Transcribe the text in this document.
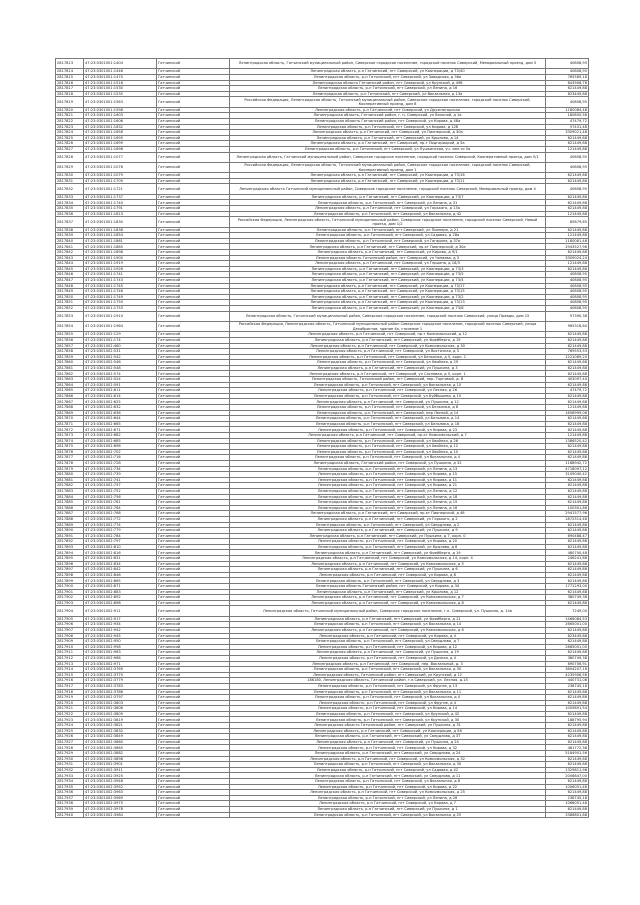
2817813	47:23:0301001:1404	Гатчинский	Ленинградская область, Гатчинский муниципальный район, Сиверское городское поселение, городской поселок Сиверский, Мемориальный проезд, дом 5	40808,95
2817814	47:23:0301001:1446	Гатчинский	Ленинградская область, р-н Гатчинский, пгт Сиверский, ул Кооперации, д 73/40	40808,95
2817815	47:23:0301001:1470	Гатчинский	Ленинградская область, р-н Гатчинский, пгт Сиверский, ул Заводская, д 36а	765589,18
2817816	47:23:0301001:1518	Гатчинский	Ленинградская область Гатчинский район, пгт Сиверский, ул Крупской, д 49б	843906,76
2817817	47:23:0301001:1530	Гатчинский	Ленинградская область, р-н Гатчинский, пгт Сиверский, ул Ленина, д 16	621449,88
2817818	47:23:0301001:1535	Гатчинский	Ленинградская область, р-н Гатчинский, пгт Сиверский, ул Вокзальная, д 13а	823449,88
2817819	47:23:0301001:1563	Гатчинский	Российская Федерация, Ленинградская область, Гатчинский муниципальный район, Сиверское городское поселение, городской поселок Сиверский, Кооперативный проезд, дом 8	40808,95
2817820	47:23:0301001:1598	Гатчинский	Ленинградская область, р-н Гатчинский, пгт Сиверский, ул Дружногорская	1180084,48
2817821	47:23:0301001:1603	Гатчинский	Ленинградская область, Гатчинский район, г. п. Сиверский, ул Вольной, д 1а	180850,56
2817822	47:23:0301001:1606	Гатчинский	Ленинградская область Гатчинский район, пгт Сиверский, ул Кирова, д 48а	47479,72
2817823	47:23:0301001:1632	Гатчинский	Ленинградская область, р-н Гатчинский, пгт Сиверский, ул Кирова, д 12б	57431,48
2817824	47:23:0301001:1658	Гатчинский	Ленинградская область, р-н Гатчинский, пгт Сиверский, ул Пионерский, д 30а	3309021,48
2817825	47:23:0301001:1695	Гатчинский	Ленинградская область, р-н Гатчинский, пгт Сиверский, ул Крылова, д 14	621449,88
2817826	47:23:0301001:1699	Гатчинский	Ленинградская область, р-н Гатчинский, пгт Сиверский, пр-т Подгорицкий, д 5а	621449,88
2817827	47:23:0301001:1698	Гатчинский	Ленинградская область, р-н Гатчинский, пгт Сиверский, ул Пушкинская, уч. чем-то 5а	121449,88
2817828	47:23:0301001:1077	Гатчинский	Ленинградская область, Гатчинский муниципальный район, Сиверское городское поселение, городской поселок Сиверский, Кооперативный проезд, дом 5/1	40808,95
2817829	47:23:0301001:1078	Гатчинский	Российская Федерация, Ленинградская область, Гатчинский муниципальный район, Сиверское городское поселение, городской поселок Сиверский, Кооперативный проезд, дом 1	40808,95
2817830	47:23:0301001:1079	Гатчинский	Ленинградская область, р-н Гатчинский, пгт Сиверский, ул Кооперации, д 73/16	621449,88
2817831	47:23:0301001:1709	Гатчинский	Ленинградская область, р-н Гатчинский, пгт Сиверский, ул Кооперации, д 73/11	621449,88
2817832	47:23:0301001:1721	Гатчинский	Ленинградская область Гатчинский муниципальный район, Сиверское городское поселение, городской поселок Сиверский, Мемориальный проезд, дом 4	40808,95
2817833	47:23:0301001:1737	Гатчинский	Ленинградская область, р-н Гатчинский, пгт Сиверский, ул Кооперации, д 73/7	621449,88
2817834	47:23:0301001:1740	Гатчинский	Ленинградская область, р-н Гатчинский, пгт Сиверский, ул Ленина, д 31	621449,88
2817835	47:23:0301001:1791	Гатчинский	Ленинградская область, р-н Гатчинский, пгт Сиверский, ул Горького, д 13а	621449,88
2817836	47:23:0301001:1813	Гатчинский	Ленинградская область, р-н Гатчинский, пгт Сиверский, ул Вокзальная, д 42	121449,88
2817837	47:23:0301001:1830	Гатчинский	Российская Федерация, Ленинградская область, Гатчинский муниципальный район, Сиверское городское поселение, городской поселок Сиверский, Новый проезд, дом 1/2	85879,65
2817838	47:23:0301001:1838	Гатчинский	Ленинградская область, р-н Гатчинский, пгт Сиверский, ул Пионера, д 21	621449,88
2817839	47:23:0301001:1854	Гатчинский	Ленинградская область, р-н Гатчинский, пгт Сиверский, ул Садовая, д 28а	121449,88
2817840	47:23:0301001:1861	Гатчинский	Ленинградская область, р-н Гатчинский, пгт Сиверский, ул Гагарина, д 37а	1180081,46
2817841	47:23:0301001:1885	Гатчинский	Ленинградская область, р-н Гатчинский, пгт Сиверский, пр-кт Пионерский, д 30а	2943527,96
2817842	47:23:0301001:1898	Гатчинский	Ленинградская область, р-н Гатчинский, пгт Сиверский, ул Кирова, д 9/1	621449,88
2817843	47:23:0301001:1900	Гатчинский	Ленинградская область Гатчинский район, пгт Сиверский, ул Чапаева, д 3	3309024,24
2817844	47:23:0301001:1919	Гатчинский	Ленинградская область, р-н Гатчинский, пгт Сиверский, ул Герцена, д 18/3	121449,88
2817845	47:23:0301001:1926	Гатчинский	Ленинградская область, р-н Гатчинский, пгт Сиверский, ул Кооперации, д 73/3	621449,88
2817846	47:23:0301001:1741	Гатчинский	Ленинградская область, р-н Гатчинский, пгт Сиверский, ул Кооперации, д 73/5	40808,95
2817847	47:23:0301001:1743	Гатчинский	Ленинградская область, р-н Гатчинский, пгт Сиверский, ул Кооперации, д 73/4	40808,95
2817848	47:23:0301001:1745	Гатчинский	Ленинградская область, р-н Гатчинский, пгт Сиверский, ул Кооперации, д 73/17	40808,95
2817849	47:23:0301001:1746	Гатчинский	Ленинградская область, р-н Гатчинский, пгт Сиверский, ул Кооперации, д 73/15	40808,95
2817850	47:23:0301001:1749	Гатчинский	Ленинградская область, р-н Гатчинский, пгт Сиверский, ул Кооперации, д 73/2	40808,95
2817851	47:23:0301001:1750	Гатчинский	Ленинградская область, р-н Гатчинский, пгт Сиверский, ул Кооперации, д 73/13	40808,95
2817852	47:23:0301001:1753	Гатчинский	Ленинградская область, р-н Гатчинский, пгт Сиверский, ул Кооперации, д 73/6	40808,95
2817853	47:23:0301001:1914	Гатчинский	Ленинградская область, Гатчинский муниципальный район, Сиверское городское поселение, городской поселок Сиверский, улица Правды, дом 15	97390,38
2817854	47:23:0301001:1964	Гатчинский	Российская Федерация, Ленинградская область, Гатчинский муниципальный район Сиверское городское поселение, городской поселок Сиверский, улица Декабристов, здание 4а, строение 1	965318,60
2817855	47:23:0301002:129	Гатчинский	Ленинградская область, р-н Гатчинский, пгт Сиверский, пр-т Комсомольский, д 12	621449,88
2817856	47:23:0301002:174	Гатчинский	Ленинградская область, р-н Гатчинский, пгт Сиверский, ул Фрейберга, д 19	621449,88
2817857	47:23:0301002:460	Гатчинский	Ленинградская область, р-н Гатчинский, пгт Сиверский, ул Комсомольская, д 30	621449,88
2817858	47:23:0301002:531	Гатчинский	Ленинградская область, р-н Гатчинский, пгт Сиверский, ул Восточная, д 3	769553,53
2817859	47:23:0301002:542	Гатчинский	Ленинградская область, р-н Гатчинский, пгт Сиверский, ул Бельника, д 5, корп. 1	1221089,20
2817860	47:23:0301002:546	Гатчинский	Ленинградская область, р-н Гатчинский, пгт Сиверский, ул Хвойная, д 29	621449,88
2817861	47:23:0301002:548	Гатчинский	Ленинградская область, р-н Гатчинский, пгт Сиверский, ул Пушкина, д 3	621449,88
2817862	47:23:0301002:574	Гатчинский	Ленинградская область, р-н Гатчинский, пгт Сиверский, ул Сосновая, д 5, корп. 1	621449,88
2817863	47:23:0301002:524	Гатчинский	Ленинградская область, Гатчинский район, пгт Сиверский, пер. Торговый, д. 8	403097,44
2817864	47:23:0301002:591	Гатчинский	Ленинградская область, р-н Гатчинский, пгт Сиверский, ул Вокзальная, д 10	621449,88
2817865	47:23:0301002:611	Гатчинский	Ленинградская область, р-н Гатчинский, пгт Сиверский, ул Лесная, д 26	47479,72
2817866	47:23:0301002:614	Гатчинский	Ленинградская область, р-н Гатчинский, пгт Сиверский, ул Куйбышева, д 10	621449,88
2817867	47:23:0301002:625	Гатчинский	Ленинградская область, р-н Гатчинский, пгт Сиверский, ул Пушкина, д 12	621449,88
2817868	47:23:0301002:632	Гатчинский	Ленинградская область, р-н Гатчинский, пгт Сиверский, ул Бельника, д 8	121449,88
2817869	47:23:0301002:636	Гатчинский	Ленинградская область, р-н Гатчинский, пгт Сиверский, пер Лесной, д 14	1658999,06
2817870	47:23:0301002:644	Гатчинский	Ленинградская область, р-н Гатчинский, пгт Сиверский, ул Бельника, д 14	621449,88
2817871	47:23:0301002:665	Гатчинский	Ленинградская область, р-н Гатчинский, пгт Сиверский, ул Бельника, д 18	621449,88
2817872	47:23:0301002:671	Гатчинский	Ленинградская область, р-н Гатчинский, пгт Сиверский, ул Кирова, д 23	621449,88
2817873	47:23:0301002:682	Гатчинский	Ленинградская область, р-н Гатчинский, пгт Сиверский, пр-кт Комсомольский, д 7	121449,88
2817874	47:23:0301002:685	Гатчинский	Ленинградская область, р-н Гатчинский, пгт Сиверский, ул Хвойная, д 26	1386520,42
2817875	47:23:0301002:696	Гатчинский	Ленинградская область, р-н Гатчинский, пгт Сиверский, ул Хвойная, д 12	621449,88
2817876	47:23:0301002:702	Гатчинский	Ленинградская область, р-н Гатчинский, пгт Сиверский, ул Хвойная, д 10	621449,88
2817877	47:23:0301002:716	Гатчинский	Ленинградская область, р-н Гатчинский, пгт Сиверский, ул Вокзальная, д 4	621449,88
2817878	47:23:0301002:728	Гатчинский	Ленинградская область, Гатчинский район, пгт Сиверский, ул Пушкина, д 32	1168942,72
2817879	47:23:0301002:734	Гатчинский	Ленинградская область, р-н Гатчинский, пгт Сиверский, ул Ленина, д 13	4718097,12
2817880	47:23:0301002:739	Гатчинский	Ленинградская область, р-н Гатчинский, пгт Сиверский, ул Кирова, д 15	3109040,42
2817881	47:23:0301002:741	Гатчинский	Ленинградская область, р-н Гатчинский, пгт Сиверский, ул Кирова, д 11	621449,88
2817882	47:23:0301002:747	Гатчинский	Ленинградская область, р-н Гатчинский, пгт Сиверский, ул Кирова, д 21	621449,88
2817883	47:23:0301002:752	Гатчинский	Ленинградская область, р-н Гатчинский, пгт Сиверский, ул Ленина, д 12	621449,88
2817884	47:23:0301002:756	Гатчинский	Ленинградская область, р-н Гатчинский, пгт Сиверский, ул Ленина, д 18	621449,88
2817885	47:23:0301002:761	Гатчинский	Ленинградская область, р-н Гатчинский, пгт Сиверский, ул Ленина, д 15	621449,88
2817886	47:23:0301002:764	Гатчинский	Ленинградская область, р-н Гатчинский, пгт Сиверский, ул Ленина, д 16	100301,68
2817887	47:23:0301002:768	Гатчинский	Ленинградская область, р-н Гатчинский, пгт Сиверский, пр-кт Пионерский, д 46	2941577,96
2817888	47:23:0301002:772	Гатчинский	Ленинградская область, р-н Гатчинский, пгт Сиверский, ул Горького, д 2	1872514,48
2817889	47:23:0301002:774	Гатчинский	Ленинградская область, р-н Гатчинский, пгт Сиверский, ул Свердлова, д 2	621449,88
2817890	47:23:0301002:779	Гатчинский	Ленинградская область, р-н Гатчинский, пгт Сиверский, ул Пушкина, д 9	621449,88
2817891	47:23:0301002:784	Гатчинский	Ленинградская область, р-н Гатчинский, пгт Сиверский, ул Пушкина, д 7, корп. 0	690488,47
2817892	47:23:0301002:797	Гатчинский	Ленинградская область, р-н Гатчинский, пгт Сиверский, ул Кирова, д 20	621449,88
2817893	47:23:0301002:810	Гатчинский	Ленинградская область, р-н Гатчинский, пгт Сиверский, ул Крылова, д 6	621449,88
2817894	47:23:0301002:816	Гатчинский	Ленинградская область, р-н Гатчинский, пгт Сиверский, ул Фрейберга, д 19	480700,48
2817895	47:23:0301002:831	Гатчинский	Ленинградская область, р-н Гатчинский, пгт Сиверский, ул Комсомольская, д 14, корп. 4	246241,88
2817896	47:23:0301002:834	Гатчинский	Ленинградская область, р-н Гатчинский, пгт Сиверский, ул Комсомольская, д 5	621449,88
2817897	47:23:0301002:842	Гатчинский	Ленинградская область, р-н Гатчинский, пгт Сиверский, ул Пушкина, д 6	621449,88
2817898	47:23:0301002:846	Гатчинский	Ленинградская область, р-н Гатчинский, пгт Сиверский, ул Кирова, д 8	621449,88
2817899	47:23:0301002:865	Гатчинский	Ленинградская область, р-н Гатчинский, пгт Сиверский, ул Свердлова, д 3	621449,88
2817900	47:23:0301002:871	Гатчинский	Ленинградская область Гатчинский район, пгт Сиверский, ул Кирова, д 34	1771293,00
2817901	47:23:0301002:883	Гатчинский	Ленинградская область, р-н Гатчинский, пгт Сиверский, ул Крылова, д 12	621449,88
2817902	47:23:0301002:892	Гатчинский	Ленинградская область, р-н Гатчинский, пгт Сиверский, ул Комсомольская, д 7	380749,38
2817903	47:23:0301002:898	Гатчинский	Ленинградская область, р-н Гатчинский, пгт Сиверский, ул Комсомольская, д 8	621449,88
2817904	47:23:0301002:911	Гатчинский	Ленинградская область, Гатчинский муниципальный район, Сиверское городское поселение, г.п. Сиверский, ул. Пушкина, д. 14а	7249,00
2817905	47:23:0301002:917	Гатчинский	Ленинградская область, р-н Гатчинский, пгт Сиверский, ул Фрейберга, д 11	1466084,53
2817906	47:23:0301002:934	Гатчинский	Ленинградская область, р-н Гатчинский, пгт Сиверский, ул Вокзальная, д 14	2665001,00
2817907	47:23:0301002:942	Гатчинский	Ленинградская область, р-н Гатчинский, пгт Сиверский, ул Комсомольская, д 6	621449,88
2817908	47:23:0301002:945	Гатчинский	Ленинградская область, р-н Гатчинский, пгт Сиверский, ул Кирова, д 4	823449,88
2817909	47:23:0301002:950	Гатчинский	Ленинградская область, р-н Гатчинский, пгт Сиверский, ул Свердлова, д 7	621449,88
2817910	47:23:0301002:958	Гатчинский	Ленинградская область, р-н Гатчинский, пгт Сиверский, ул Кирова, д 12	2665001,00
2817911	47:23:0301002:963	Гатчинский	Ленинградская область, р-н Гатчинский, пгт Сиверский, ул Пушкина, д 19	621449,88
2817912	47:23:0301002:966	Гатчинский	Ленинградская область, р-н Гатчинский, пгт Сиверский, ул Дачная, д 4	380749,38
2817913	47:23:0301002:971	Гатчинский	Ленинградская область, р-н Гатчинский, пгт Сиверский, пер. Вокзальный, д. 3	690706,91
2817914	47:23:0301002:3769	Гатчинский	Ленинградская область, р-н Гатчинский, пгт Сиверский, ул Вокзальная, д 30	3804207,16
2817915	47:23:0301002:3770	Гатчинский	Ленинградская область, Гатчинский район, пгт Сиверский, ул Крупской, д 12	4235906,56
2817916	47:23:0301002:3779	Гатчинский	186180, Ленинградская область, Гатчинский район, г.п.Сиверский, ул. Лесная, д.15	440731,08
2817917	47:23:0301002:3783	Гатчинский	Ленинградская область, р-н Гатчинский, пгт Сиверский, ул Фрунзе, д 13	238745,18
2817918	47:23:0301002:3786	Гатчинский	Ленинградская область, р-н Гатчинский, пгт Сиверский, ул Вокзальная, д 11	621449,88
2817919	47:23:0301002:3797	Гатчинский	Ленинградская область, р-н Гатчинский, пгт Сиверский, ул Вокзальная, д 4	621449,88
2817920	47:23:0301002:3803	Гатчинский	Ленинградская область, р-н Гатчинский, пгт Сиверский, ул Фрунзе, д 4	621449,88
2817921	47:23:0301002:3806	Гатчинский	Ленинградская область, р-н Гатчинский, пгт Сиверский, ул Кирова, д 14	1009891,54
2817922	47:23:0301002:3809	Гатчинский	Ленинградская область, р-н Гатчинский, пгт Сиверский, ул Крупской, д 42	621449,88
2817923	47:23:0301002:3819	Гатчинский	Ленинградская область, р-н Гатчинский, пгт Сиверский, ул Крупской, д 30	188795,94
2817924	47:23:0301002:3821	Гатчинский	Ленинградская область Гатчинский район, пгт Сиверский, ул Пушкина, д 31	621449,88
2817925	47:23:0301002:3832	Гатчинский	Ленинградская область, р-н Гатчинский, пгт Сиверский, ул Кооперации, д 58	621449,88
2817926	47:23:0301002:3849	Гатчинский	Ленинградская область, р-н Гатчинский, пгт Сиверский, ул Свердлова, д 37	621449,88
2817927	47:23:0301002:3860	Гатчинский	Ленинградская область, р-н Гатчинский, пгт Сиверский, ул Пушкина, д 24	621449,88
2817928	47:23:0301002:3865	Гатчинский	Ленинградская область, р-н Гатчинский, пгт Сиверский, ул Кирова, д 32	481772,38
2817929	47:23:0301002:3882	Гатчинский	Ленинградская область, р-н Гатчинский, пгт Сиверский, ул Свердлова, д 24	5184901,56
2817930	47:23:0301002:3898	Гатчинский	Ленинградская область, р-н Гатчинский, пгт Сиверский, ул Комсомольская, д 32	621449,88
2817931	47:23:0301002:3901	Гатчинский	Ленинградская область, р-н Гатчинский, пгт Сиверский, ул Вокзальная, д 30	621449,88
2817932	47:23:0301002:3911	Гатчинский	Ленинградская область, р-н Гатчинский, пгт Сиверский, ул Садовая, д 42	1329811,96
2817933	47:23:0301002:3925	Гатчинский	Ленинградская область, р-н Гатчинский, пгт Сиверский, ул Свердлова, д 11	2006847,00
2817934	47:23:0301002:3948	Гатчинский	Ленинградская область, р-н Гатчинский, пгт Сиверский, ул Вокзальная, д 8	621449,88
2817935	47:23:0301002:3952	Гатчинский	Ленинградская область, р-н Гатчинский, пгт Сиверский, ул Кирова, д 22	1006051,48
2817936	47:23:0301002:3963	Гатчинский	Ленинградская область, р-н Гатчинский, пгт Сиверский, ул Комсомольская, д 25	621449,88
2817937	47:23:0301002:3969	Гатчинский	Ленинградская область, р-н Гатчинский, пгт Сиверский, ул Ленина, д 26	238745,18
2817938	47:23:0301002:3975	Гатчинский	Ленинградская область, р-н Гатчинский, пгт Сиверский, ул Кирова, д 7	1066051,48
2817939	47:23:0301002:3978	Гатчинский	Ленинградская область, р-н Гатчинский, пгт Сиверский, ул Пушкина, д 1	621449,88
2817940	47:23:0301002:3984	Гатчинский	Ленинградская область, р-н Гатчинский, пгт Сиверский, ул Вокзальная, д 25	3386801,88
